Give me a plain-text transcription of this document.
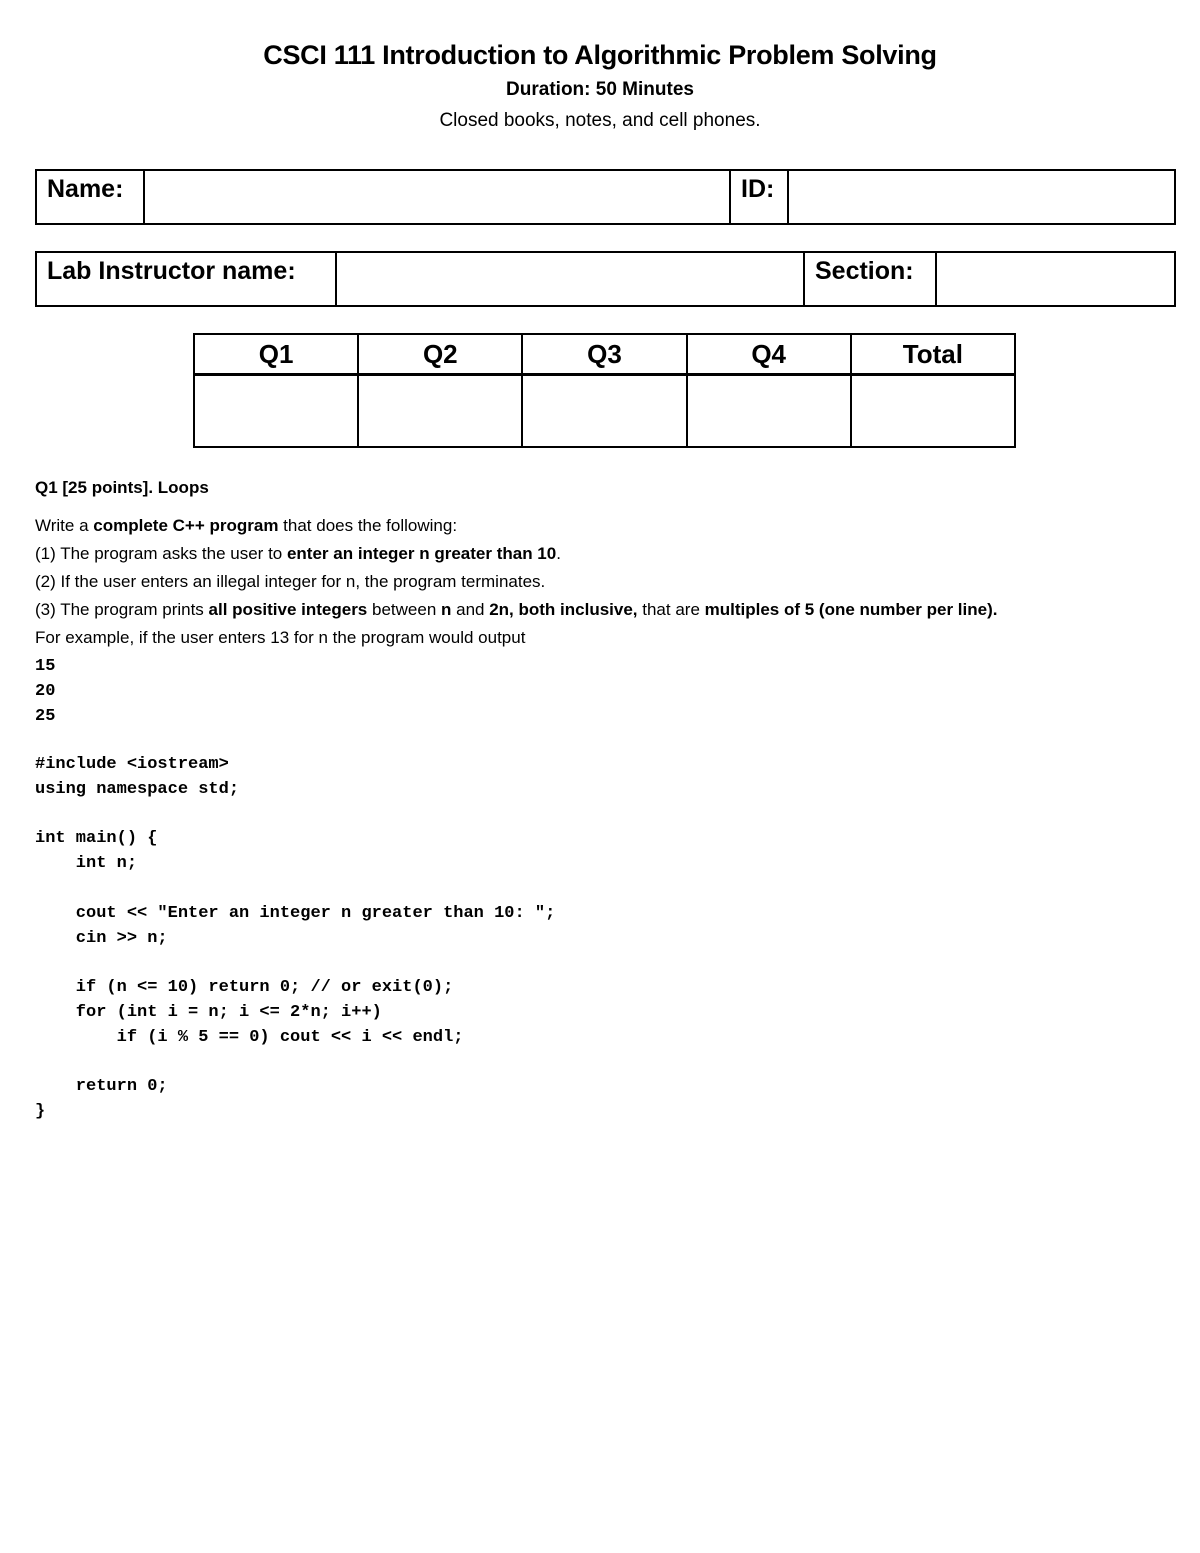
CSCI 111 Introduction to Algorithmic Problem Solving
Duration: 50 Minutes
Closed books, notes, and cell phones.
Name:		ID:	
Lab Instructor name:		Section:	
Q1	Q2	Q3	Q4	Total

Q1 [25 points]. Loops
Write a complete C++ program that does the following:
(1) The program asks the user to enter an integer n greater than 10.
(2) If the user enters an illegal integer for n, the program terminates.
(3) The program prints all positive integers between n and 2n, both inclusive, that are multiples of 5 (one number per line).
For example, if the user enters 13 for n the program would output
15
20
25
#include <iostream>
using namespace std;

int main() {
int n;

cout << "Enter an integer n greater than 10: ";
cin >> n;

if (n <= 10) return 0; // or exit(0);
for (int i = n; i <= 2*n; i++)
if (i % 5 == 0) cout << i << endl;

return 0;
}
